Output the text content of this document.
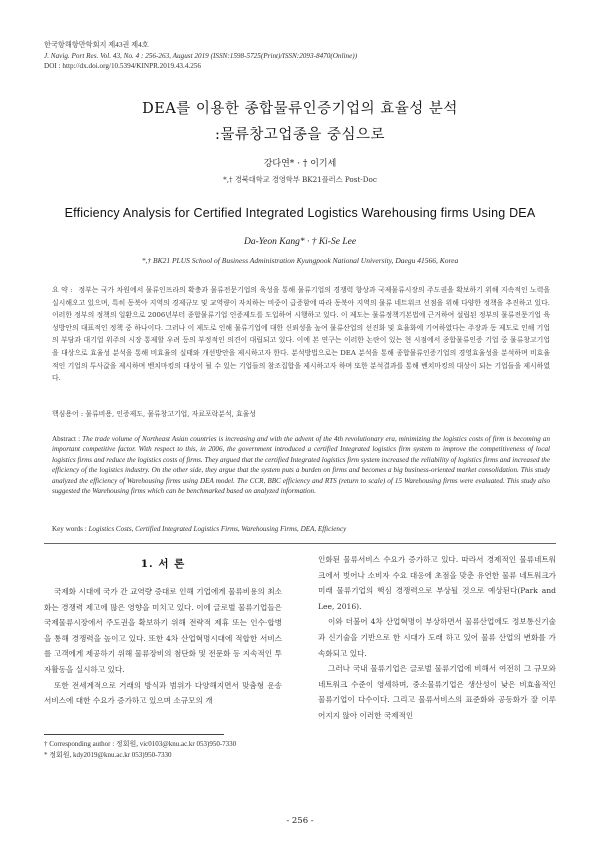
한국항해항만학회지 제43권 제4호
J. Navig. Port Res. Vol. 43, No. 4 : 256-263, August 2019 (ISSN:1598-5725(Print)/ISSN:2093-8470(Online))
DOI : http://dx.doi.org/10.5394/KINPR.2019.43.4.256
DEA를 이용한 종합물류인증기업의 효율성 분석
:물류창고업종을 중심으로
강다연* · † 이기세
*,† 경북대학교 경영학부 BK21플러스 Post-Doc
Efficiency Analysis for Certified Integrated Logistics Warehousing firms Using DEA
Da-Yeon Kang* · † Ki-Se Lee
*,† BK21 PLUS School of Business Administration Kyungpook National University, Daegu 41566, Korea
요 약 : 정부는 국가 차원에서 물류인프라의 확충과 물류전문기업의 육성을 통해 물류기업의 경쟁력 향상과 국제물류시장의 주도권을 확보하기 위해 지속적인 노력을 실시해오고 있으며, 특히 동북아 지역의 경제규모 및 교역량이 자치하는 비중이 급증함에 따라 동북아 지역의 물류 네트워크 선점을 위해 다양한 정책을 추진하고 있다. 이러한 정부의 정책의 일환으로 2006년부터 종합물류기업 인증제도를 도입하여 시행하고 있다. 이 제도는 물류정책기본법에 근거하여 설립된 정부의 물류전문기업 육성방안의 대표적인 정책 중 하나이다. 그러나 이 제도로 인해 물류기업에 대한 신뢰성을 높여 물류산업의 선진화 및 효율화에 기여하였다는 주장과 동 제도로 인해 기업의 부담과 대기업 위주의 시장 통제할 우려 등의 부정적인 의견이 대립되고 있다. 이에 본 연구는 이러한 논란이 있는 현 시점에서 종합물류인증 기업 중 물류창고기업을 대상으로 효율성 분석을 통해 비효율의 실태와 개선방안을 제시하고자 한다. 분석방법으로는 DEA 분석을 통해 종합물류인증기업의 경영효율성을 분석하며 비효율적인 기업의 투사값을 제시하며 벤치마킹의 대상이 될 수 있는 기업들의 참조집합을 제시하고자 하며 또한 분석결과를 통해 벤치마킹의 대상이 되는 기업들을 제시하였다.
핵심용어 : 물류비용, 인증제도, 물류창고기업, 자료포락분석, 효율성
Abstract : The trade volume of Northeast Asian countries is increasing and with the advent of the 4th revolutionary era, minimizing the logistics costs of firm is becoming an important competitive factor. With respect to this, in 2006, the government introduced a certified Integrated logistics firm system to improve the competitiveness of local logistics firms and reduce the logistics costs of firms. They argued that the certified Integrated logistics firm system increased the reliability of logistics firms and increased the efficiency of the logistics industry. On the other side, they argue that the system puts a burden on firms and becomes a big business-oriented market consolidation. This study analyzed the efficiency of Warehousing firms using DEA model. The CCR, BBC efficiency and RTS (return to scale) of 15 Warehousing firms were evaluated. This study also suggested the Warehousing firms which can be benchmarked based on analyzed information.
Key words : Logistics Costs, Certified Integrated Logistics Firms, Warehousing Firms, DEA, Efficiency
1. 서 론

국제화 시대에 국가 간 교역량 증대로 인해 기업에게 물류비용의 최소화는 경쟁력 제고에 많은 영향을 미치고 있다. 이에 글로벌 물류기업들은 국제물류시장에서 주도권을 확보하기 위해 전략적 제휴 또는 인수·합병을 통해 경쟁력을 높이고 있다. 또한 4차 산업혁명시대에 적합한 서비스를 고객에게 제공하기 위해 물류장비의 첨단화 및 전문화 등 지속적인 투자활동을 실시하고 있다.

또한 전세계적으로 거래의 방식과 범위가 다양해지면서 맞춤형 운송서비스에 대한 수요가 증가하고 있으며 소규모의 개

인화된 물류서비스 수요가 증가하고 있다. 따라서 경제적인 물류네트워크에서 벗어나 소비자 수요 대응에 초점을 맞춘 유연한 물류 네트워크가 미래 물류기업의 핵심 경쟁력으로 부상될 것으로 예상된다(Park and Lee, 2016).

이와 더불어 4차 산업혁명이 부상하면서 물류산업에도 정보통신기술과 신기술을 기반으로 한 시대가 도래 하고 있어 물류 산업의 변화를 가속화되고 있다.

그러나 국내 물류기업은 글로벌 물류기업에 비해서 여전히 그 규모와 네트워크 수준이 영세하며, 중소물류기업은 생산성이 낮은 비효율적인 물류기업이 다수이다. 그리고 물류서비스의 표준화와 공동화가 잘 이루어지지 않아 이러한 국제적인

† Corresponding author : 정회원, vic0103@knu.ac.kr 053)950-7330
* 정회원, kdy2019@knu.ac.kr 053)950-7330
- 256 -
